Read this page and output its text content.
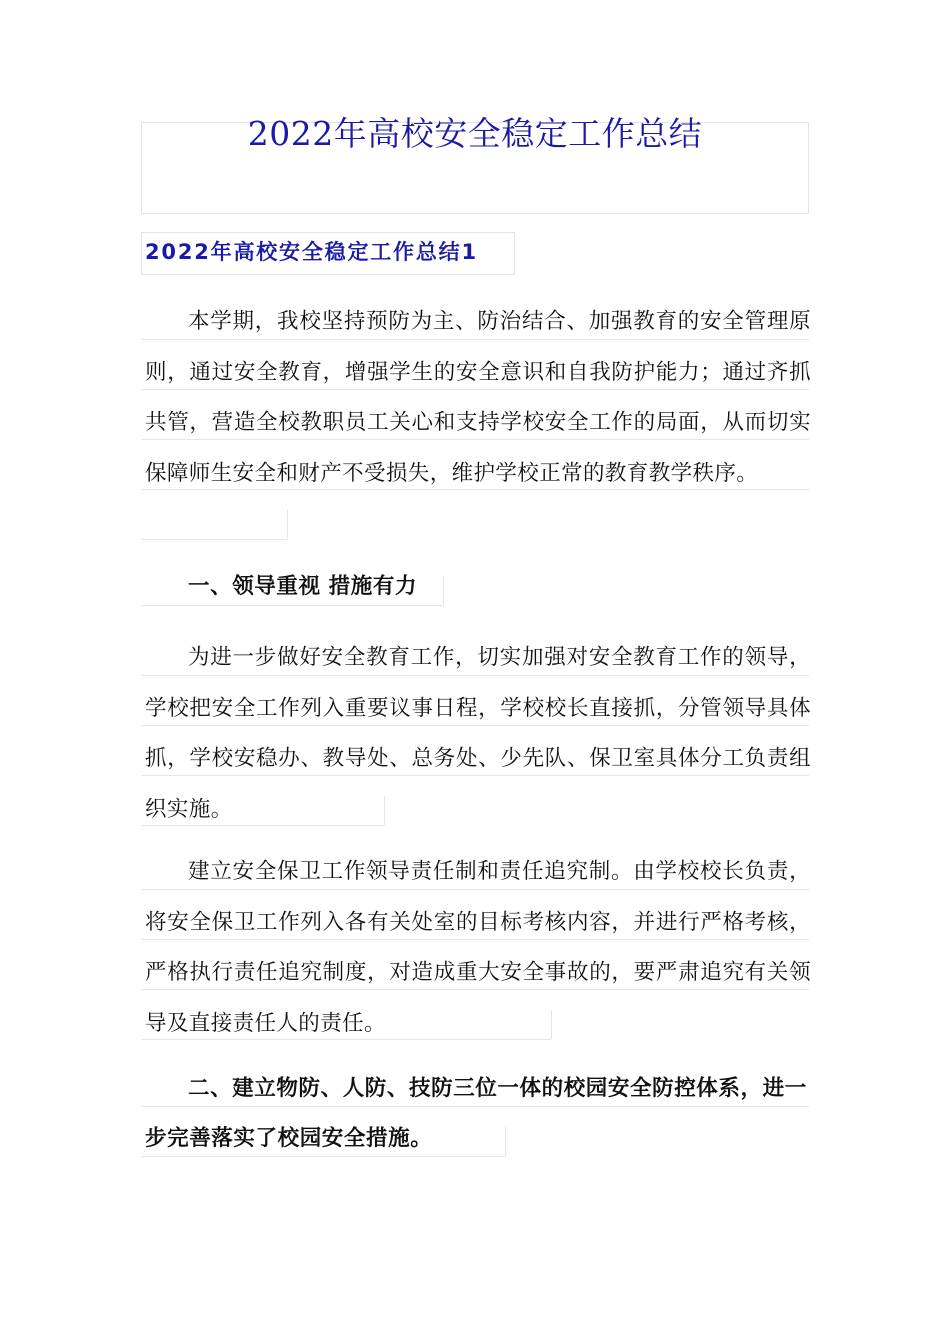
2022年高校安全稳定工作总结
2022年高校安全稳定工作总结1

本学期，我校坚持预防为主、防治结合、加强教育的安全管理原则，通过安全教育，增强学生的安全意识和自我防护能力；通过齐抓共管，营造全校教职员工关心和支持学校安全工作的局面，从而切实保障师生安全和财产不受损失，维护学校正常的教育教学秩序。

一、领导重视 措施有力

为进一步做好安全教育工作，切实加强对安全教育工作的领导，学校把安全工作列入重要议事日程，学校校长直接抓，分管领导具体抓，学校安稳办、教导处、总务处、少先队、保卫室具体分工负责组织实施。

建立安全保卫工作领导责任制和责任追究制。由学校校长负责，将安全保卫工作列入各有关处室的目标考核内容，并进行严格考核，严格执行责任追究制度，对造成重大安全事故的，要严肃追究有关领导及直接责任人的责任。

二、建立物防、人防、技防三位一体的校园安全防控体系，进一步完善落实了校园安全措施。
